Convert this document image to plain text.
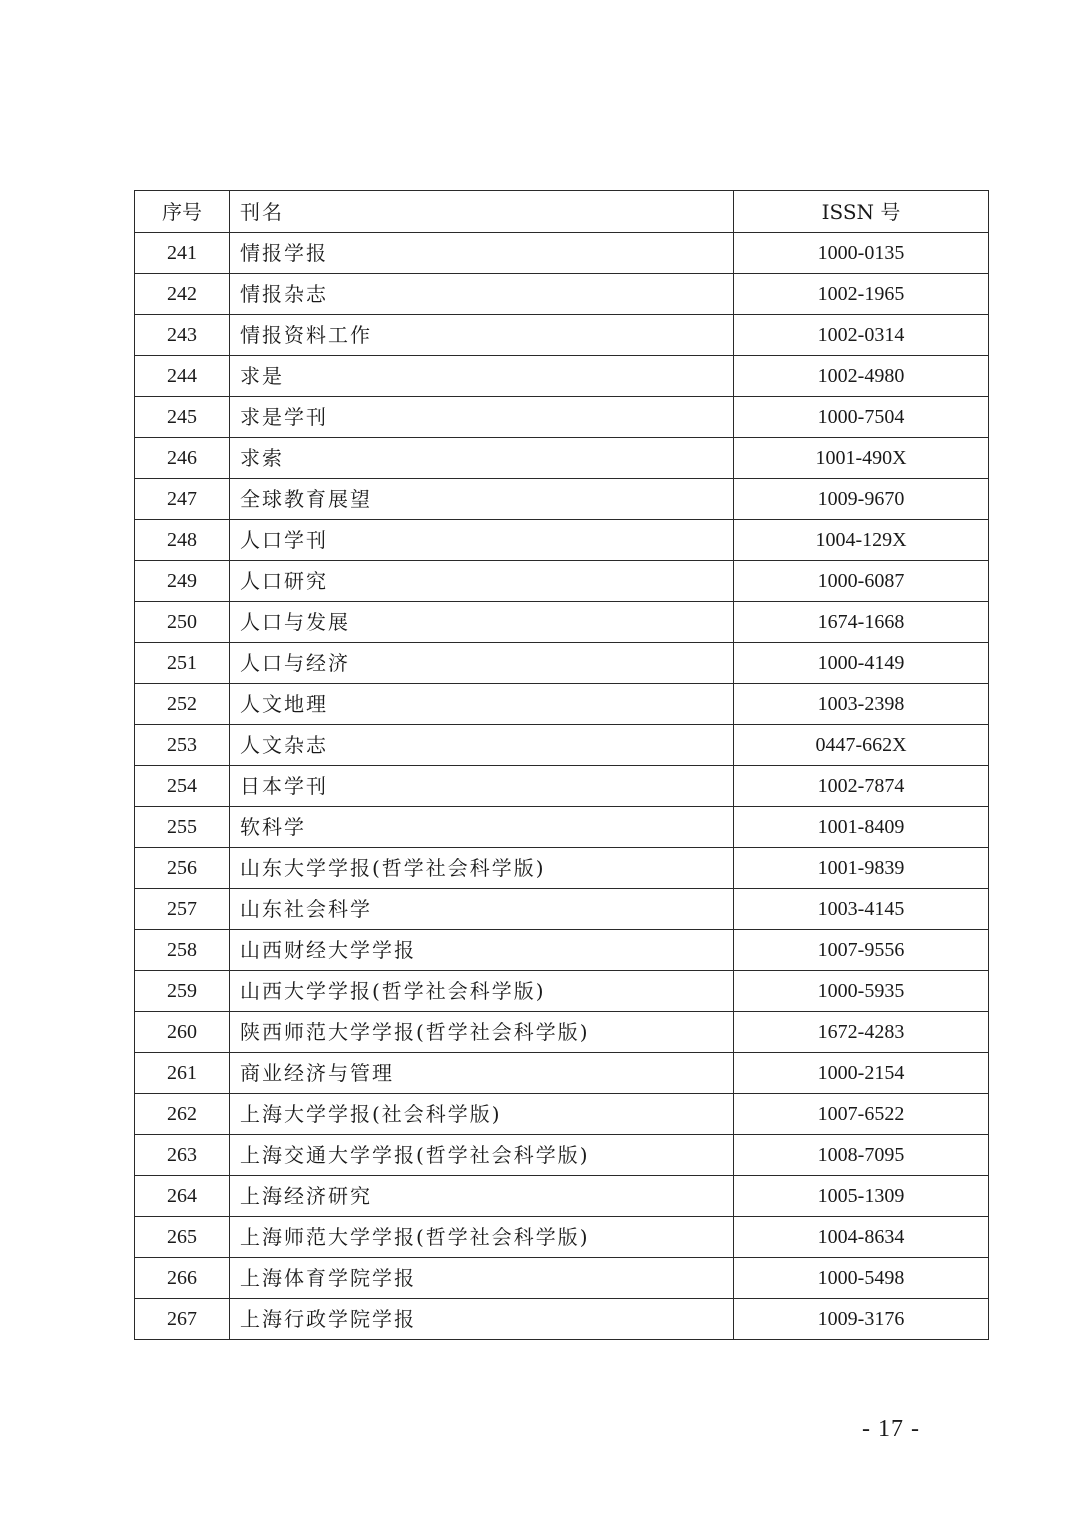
序号	刊名	ISSN 号
241	情报学报	1000-0135
242	情报杂志	1002-1965
243	情报资料工作	1002-0314
244	求是	1002-4980
245	求是学刊	1000-7504
246	求索	1001-490X
247	全球教育展望	1009-9670
248	人口学刊	1004-129X
249	人口研究	1000-6087
250	人口与发展	1674-1668
251	人口与经济	1000-4149
252	人文地理	1003-2398
253	人文杂志	0447-662X
254	日本学刊	1002-7874
255	软科学	1001-8409
256	山东大学学报(哲学社会科学版)	1001-9839
257	山东社会科学	1003-4145
258	山西财经大学学报	1007-9556
259	山西大学学报(哲学社会科学版)	1000-5935
260	陕西师范大学学报(哲学社会科学版)	1672-4283
261	商业经济与管理	1000-2154
262	上海大学学报(社会科学版)	1007-6522
263	上海交通大学学报(哲学社会科学版)	1008-7095
264	上海经济研究	1005-1309
265	上海师范大学学报(哲学社会科学版)	1004-8634
266	上海体育学院学报	1000-5498
267	上海行政学院学报	1009-3176
- 17 -
